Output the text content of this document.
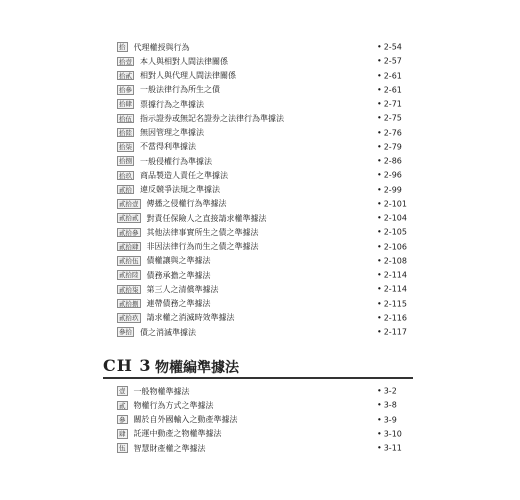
拾 代理權授與行為	• 2-54
拾壹 本人與相對人間法律關係	• 2-57
拾貳 相對人與代理人間法律關係	• 2-61
拾參 一般法律行為所生之債	• 2-61
拾肆 票據行為之準據法	• 2-71
拾伍 指示證券或無記名證券之法律行為準據法	• 2-75
拾陸 無因管理之準據法	• 2-76
拾柒 不當得利準據法	• 2-79
拾捌 一般侵權行為準據法	• 2-86
拾玖 商品製造人責任之準據法	• 2-96
貳拾 違反競爭法規之準據法	• 2-99
貳拾壹 傳播之侵權行為準據法	• 2-101
貳拾貳 對責任保險人之直接請求權準據法	• 2-104
貳拾參 其他法律事實所生之債之準據法	• 2-105
貳拾肆 非因法律行為而生之債之準據法	• 2-106
貳拾伍 債權讓與之準據法	• 2-108
貳拾陸 債務承擔之準據法	• 2-114
貳拾柒 第三人之清償準據法	• 2-114
貳拾捌 連帶債務之準據法	• 2-115
貳拾玖 請求權之消滅時效準據法	• 2-116
參拾 債之消滅準據法	• 2-117
CH 3 物權編準據法
壹 一般物權準據法	• 3-2
貳 物權行為方式之準據法	• 3-8
參 關於自外國輸入之動產準據法	• 3-9
肆 託運中動產之物權準據法	• 3-10
伍 智慧財產權之準據法	• 3-11
